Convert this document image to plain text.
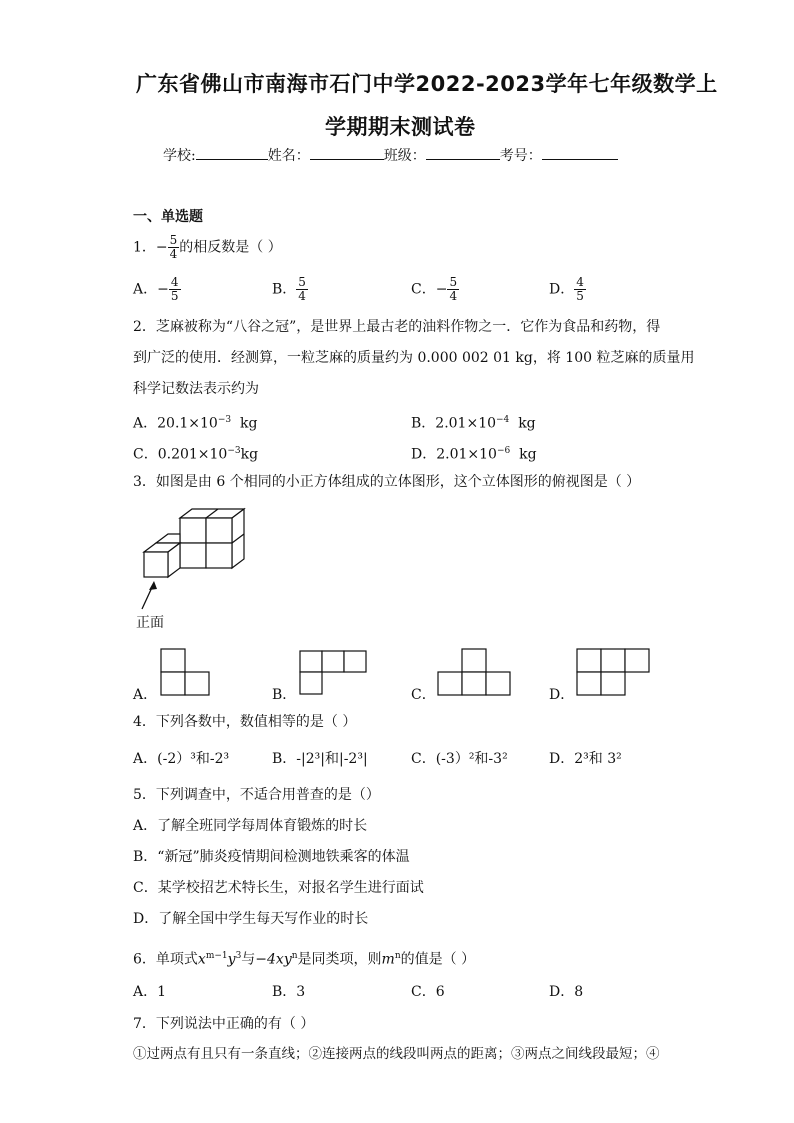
广东省佛山市南海市石门中学2022-2023学年七年级数学上
学期期末测试卷
学校:	姓名：	班级：	考号：
一、单选题
1．− $\frac{5}{4}$ 的相反数是（ ）
A．− $\frac{4}{5}$	B． $\frac{5}{4}$	C．− $\frac{5}{4}$	D． $\frac{4}{5}$
2．芝麻被称为“八谷之冠”，是世界上最古老的油料作物之一．它作为食品和药物，得
到广泛的使用．经测算，一粒芝麻的质量约为 0.000 002 01 kg，将 100 粒芝麻的质量用
科学记数法表示约为
A．$20.1\times 10^{-3}$ kg	B．$2.01\times 10^{-4}$ kg
C．$0.201\times 10^{-3}kg$	D．$2.01\times 10^{-6}$ kg
3．如图是由 6 个相同的小正方体组成的立体图形，这个立体图形的俯视图是（ ）
正面
A．	B．	C．	D．
4．下列各数中，数值相等的是（ ）
A．(-2）³和-2³	B．-|2³|和|-2³|	C．(-3）²和-3²	D．2³和 3²
5．下列调查中，不适合用普查的是（）
A．了解全班同学每周体育锻炼的时长
B．“新冠”肺炎疫情期间检测地铁乘客的体温
C．某学校招艺术特长生，对报名学生进行面试
D．了解全国中学生每天写作业的时长
6．单项式$x^{m-1}y^3$与$-4xy^n$是同类项，则$m^n$的值是（ ）
A．1	B．3	C．6	D．8
7．下列说法中正确的有（ ）
①过两点有且只有一条直线；②连接两点的线段叫两点的距离；③两点之间线段最短；④
